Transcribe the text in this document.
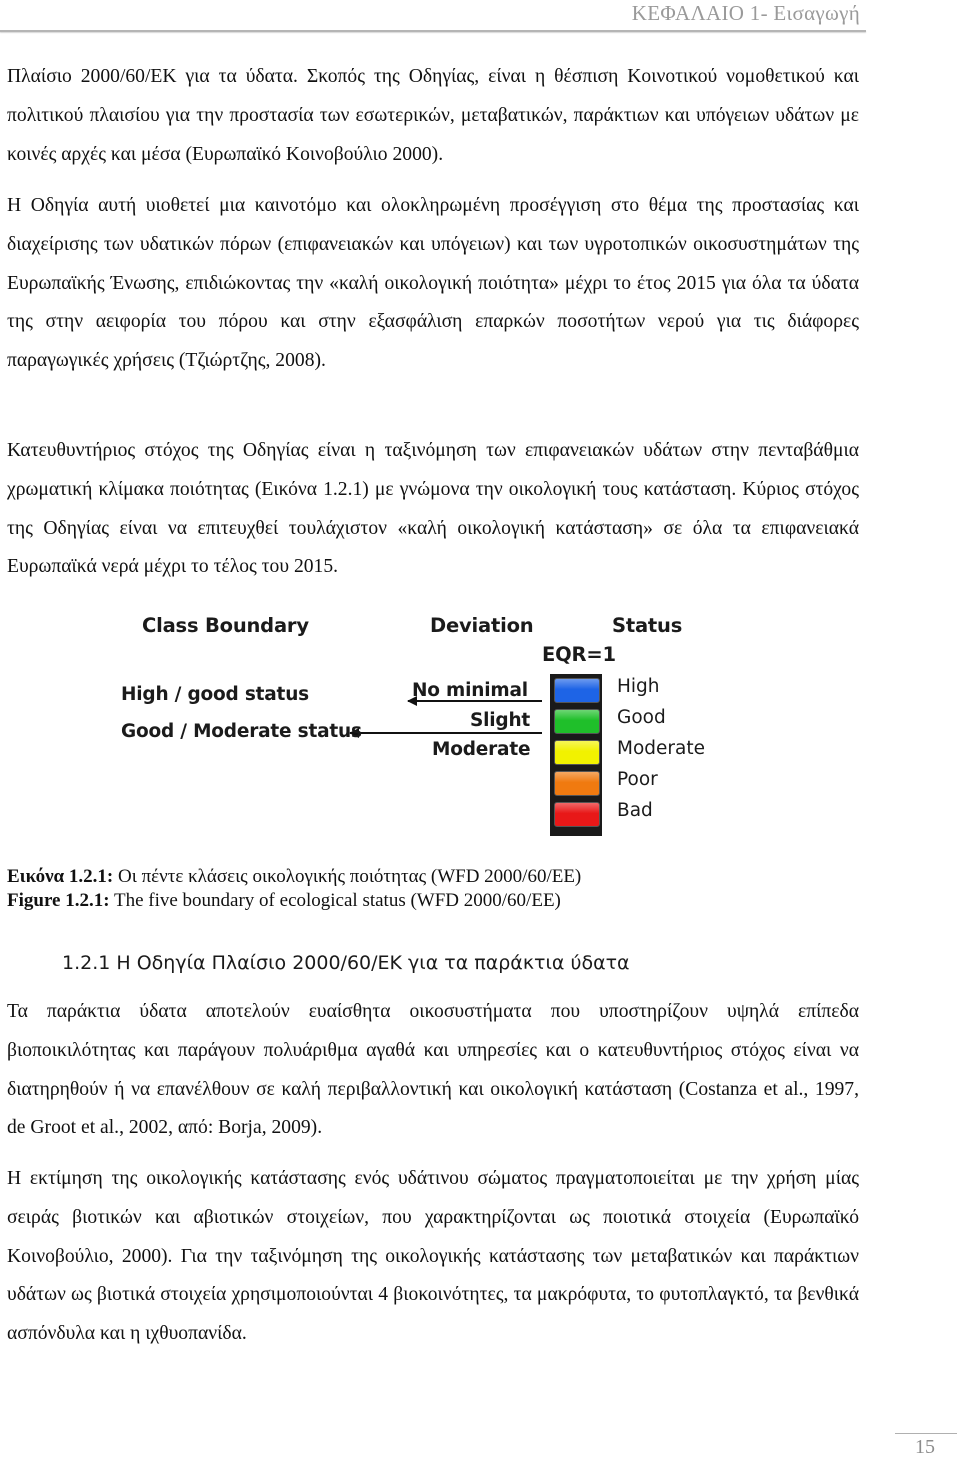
ΚΕΦΑΛΑΙΟ 1- Εισαγωγή

Πλαίσιο 2000/60/ΕΚ για τα ύδατα. Σκοπός της Οδηγίας, είναι η θέσπιση Κοινοτικού νομοθετικού και πολιτικού πλαισίου για την προστασία των εσωτερικών, μεταβατικών, παράκτιων και υπόγειων υδάτων με κοινές αρχές και μέσα (Ευρωπαϊκό Κοινοβούλιο 2000).

Η Οδηγία αυτή υιοθετεί μια καινοτόμο και ολοκληρωμένη προσέγγιση στο θέμα της προστασίας και διαχείρισης των υδατικών πόρων (επιφανειακών και υπόγειων) και των υγροτοπικών οικοσυστημάτων της Ευρωπαϊκής Ένωσης, επιδιώκοντας την «καλή οικολογική ποιότητα» μέχρι το έτος 2015 για όλα τα ύδατα της στην αειφορία του πόρου και στην εξασφάλιση επαρκών ποσοτήτων νερού για τις διάφορες παραγωγικές χρήσεις (Τζιώρτζης, 2008).

Κατευθυντήριος στόχος της Οδηγίας είναι η ταξινόμηση των επιφανειακών υδάτων στην πενταβάθμια χρωματική κλίμακα ποιότητας (Εικόνα 1.2.1) με γνώμονα την οικολογική τους κατάσταση. Κύριος στόχος της Οδηγίας είναι να επιτευχθεί τουλάχιστον «καλή οικολογική κατάσταση» σε όλα τα επιφανειακά Ευρωπαϊκά νερά μέχρι το τέλος του 2015.

Class Boundary	Deviation	Status
EQR=1
High / good status
Good / Moderate status
No minimal
Slight
Moderate
High
Good
Moderate
Poor
Bad
Εικόνα 1.2.1: Οι πέντε κλάσεις οικολογικής ποιότητας (WFD 2000/60/ΕΕ)
Figure 1.2.1: The five boundary of ecological status (WFD 2000/60/EE)
1.2.1 Η Οδηγία Πλαίσιο 2000/60/ΕΚ για τα παράκτια ύδατα

Τα παράκτια ύδατα αποτελούν ευαίσθητα οικοσυστήματα που υποστηρίζουν υψηλά επίπεδα βιοποικιλότητας και παράγουν πολυάριθμα αγαθά και υπηρεσίες και ο κατευθυντήριος στόχος είναι να διατηρηθούν ή να επανέλθουν σε καλή περιβαλλοντική και οικολογική κατάσταση (Costanza et al., 1997, de Groot et al., 2002, από: Borja, 2009).

Η εκτίμηση της οικολογικής κατάστασης ενός υδάτινου σώματος πραγματοποιείται με την χρήση μίας σειράς βιοτικών και αβιοτικών στοιχείων, που χαρακτηρίζονται ως ποιοτικά στοιχεία (Ευρωπαϊκό Κοινοβούλιο, 2000). Για την ταξινόμηση της οικολογικής κατάστασης των μεταβατικών και παράκτιων υδάτων ως βιοτικά στοιχεία χρησιμοποιούνται 4 βιοκοινότητες, τα μακρόφυτα, το φυτοπλαγκτό, τα βενθικά ασπόνδυλα και η ιχθυοπανίδα.

15
